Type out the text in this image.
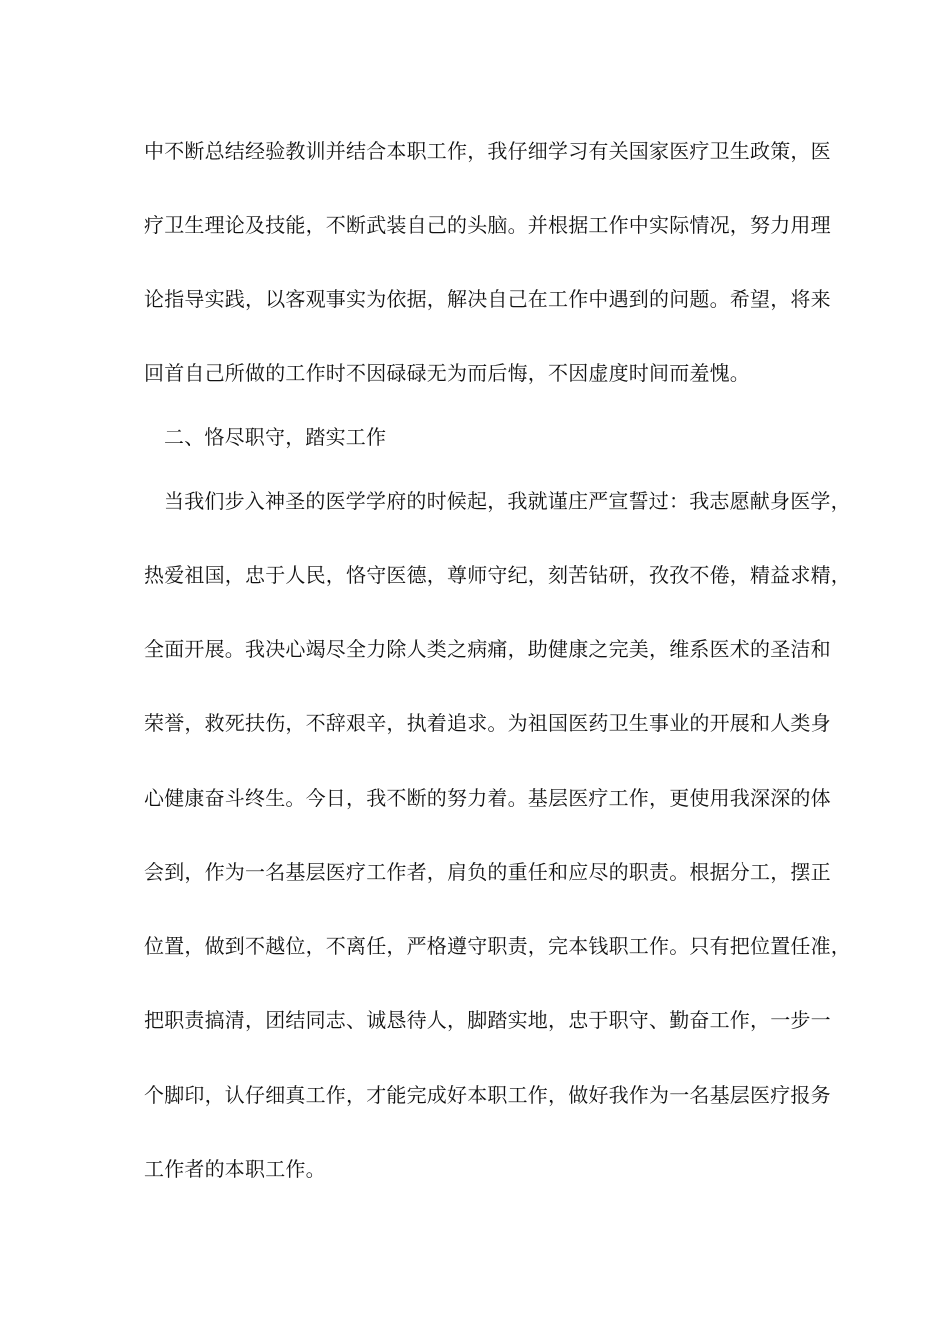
中不断总结经验教训并结合本职工作，我仔细学习有关国家医疗卫生政策，医
疗卫生理论及技能，不断武装自己的头脑。并根据工作中实际情况，努力用理
论指导实践，以客观事实为依据，解决自己在工作中遇到的问题。希望，将来
回首自己所做的工作时不因碌碌无为而后悔，不因虚度时间而羞愧。
二、恪尽职守，踏实工作
当我们步入神圣的医学学府的时候起，我就谨庄严宣誓过：我志愿献身医学，
热爱祖国，忠于人民，恪守医德，尊师守纪，刻苦钻研，孜孜不倦，精益求精，
全面开展。我决心竭尽全力除人类之病痛，助健康之完美，维系医术的圣洁和
荣誉，救死扶伤，不辞艰辛，执着追求。为祖国医药卫生事业的开展和人类身
心健康奋斗终生。今日，我不断的努力着。基层医疗工作，更使用我深深的体
会到，作为一名基层医疗工作者，肩负的重任和应尽的职责。根据分工，摆正
位置，做到不越位，不离任，严格遵守职责，完本钱职工作。只有把位置任准，
把职责搞清，团结同志、诚恳待人，脚踏实地，忠于职守、勤奋工作，一步一
个脚印，认仔细真工作，才能完成好本职工作，做好我作为一名基层医疗报务
工作者的本职工作。
